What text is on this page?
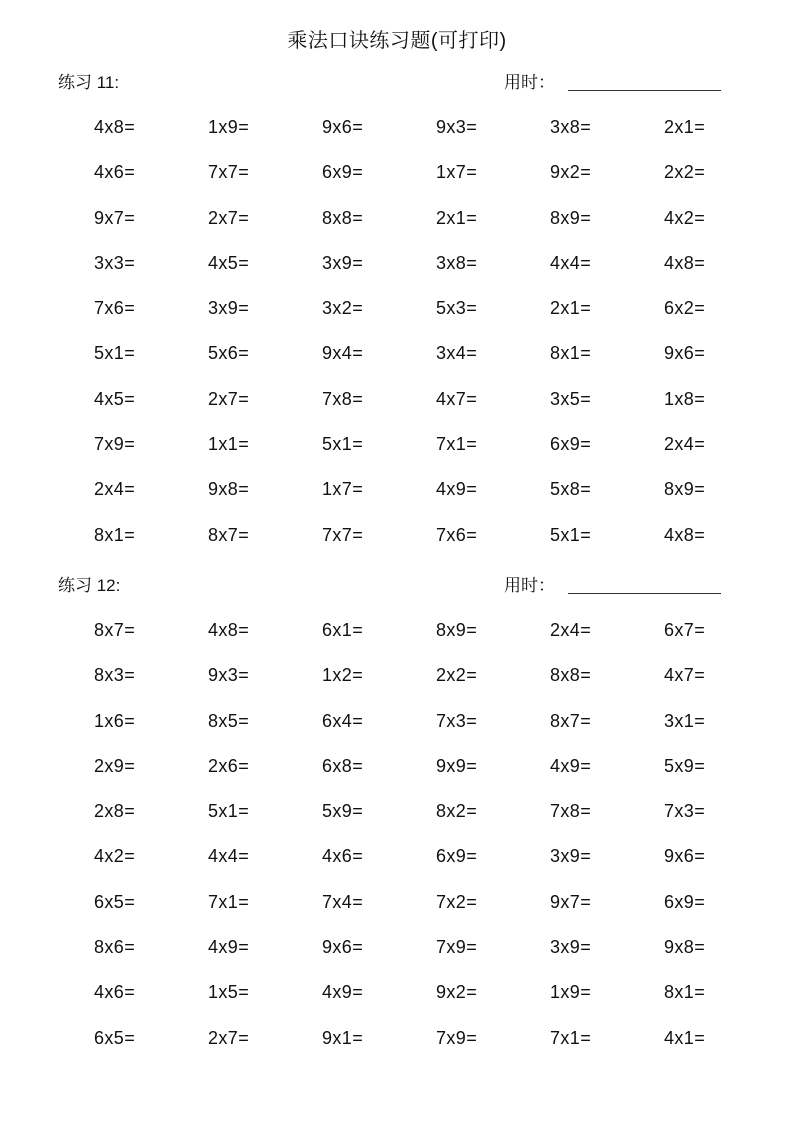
乘法口诀练习题(可打印)
练习 11:	用时：
4x8=	1x9=	9x6=	9x3=	3x8=	2x1=
4x6=	7x7=	6x9=	1x7=	9x2=	2x2=
9x7=	2x7=	8x8=	2x1=	8x9=	4x2=
3x3=	4x5=	3x9=	3x8=	4x4=	4x8=
7x6=	3x9=	3x2=	5x3=	2x1=	6x2=
5x1=	5x6=	9x4=	3x4=	8x1=	9x6=
4x5=	2x7=	7x8=	4x7=	3x5=	1x8=
7x9=	1x1=	5x1=	7x1=	6x9=	2x4=
2x4=	9x8=	1x7=	4x9=	5x8=	8x9=
8x1=	8x7=	7x7=	7x6=	5x1=	4x8=
练习 12:	用时：
8x7=	4x8=	6x1=	8x9=	2x4=	6x7=
8x3=	9x3=	1x2=	2x2=	8x8=	4x7=
1x6=	8x5=	6x4=	7x3=	8x7=	3x1=
2x9=	2x6=	6x8=	9x9=	4x9=	5x9=
2x8=	5x1=	5x9=	8x2=	7x8=	7x3=
4x2=	4x4=	4x6=	6x9=	3x9=	9x6=
6x5=	7x1=	7x4=	7x2=	9x7=	6x9=
8x6=	4x9=	9x6=	7x9=	3x9=	9x8=
4x6=	1x5=	4x9=	9x2=	1x9=	8x1=
6x5=	2x7=	9x1=	7x9=	7x1=	4x1=
